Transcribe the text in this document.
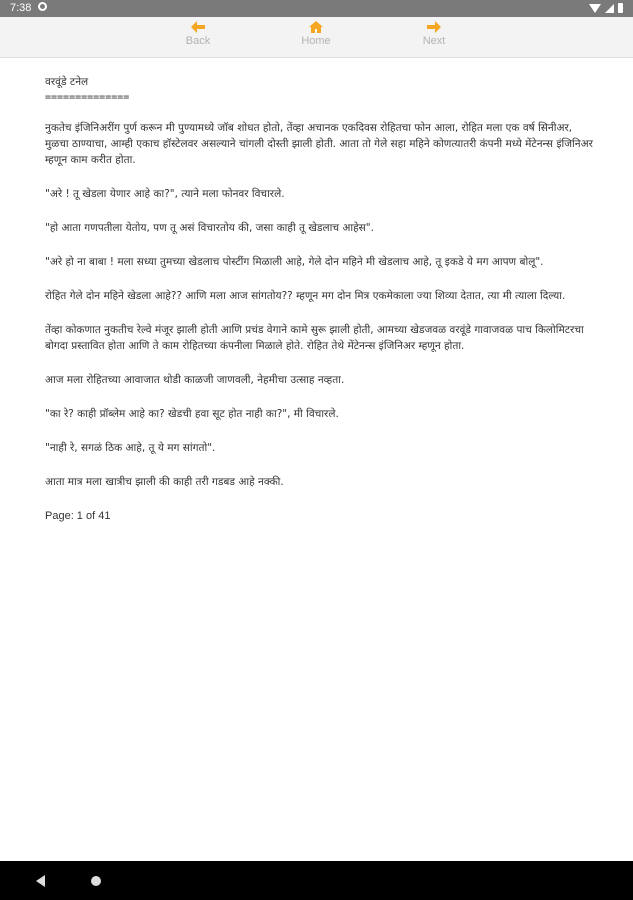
7:38
Back	Home	Next

वरवूंडे टनेल

==============

नुकतेच इंजिनिअरींग पुर्ण करून मी पुण्यामध्ये जॉब शोधत होतो, तेंव्हा अचानक एकदिवस रोहितचा फोन आला, रोहित मला एक वर्ष सिनीअर, मुळचा ठाण्याचा, आम्ही एकाच हॉस्टेलवर असल्याने चांगली दोस्ती झाली होती. आता तो गेले सहा महिने कोणत्यातरी कंपनी मध्ये मेंटेनन्स इंजिनिअर म्हणून काम करीत होता.

"अरे ! तू खेडला येणार आहे का?", त्याने मला फोनवर विचारले.

"हो आता गणपतीला येतोय, पण तू असं विचारतोय की, जसा काही तू खेडलाच आहेस".

"अरे हो ना बाबा ! मला सध्या तुमच्या खेडलाच पोस्टींग मिळाली आहे, गेले दोन महिने मी खेडलाच आहे, तू इकडे ये मग आपण बोलू".

रोहित गेले दोन महिने खेडला आहे?? आणि मला आज सांगतोय?? म्हणून मग दोन मित्र एकमेकाला ज्या शिव्या देतात, त्या मी त्याला दिल्या.

तेंव्हा कोकणात नुकतीच रेल्वे मंजूर झाली होती आणि प्रचंड वेगाने कामे सुरू झाली होती, आमच्या खेडजवळ वरवूंडे गावाजवळ पाच किलोमिटरचा बोगदा प्रस्तावित होता आणि ते काम रोहितच्या कंपनीला मिळाले होते. रोहित तेथे मेंटेनन्स इंजिनिअर म्हणून होता.

आज मला रोहितच्या आवाजात थोडी काळजी जाणवली, नेहमीचा उत्साह नव्हता.

"का रे? काही प्रॉब्लेम आहे का? खेडची हवा सूट होत नाही का?", मी विचारले.

"नाही रे, सगळं ठिक आहे, तू ये मग सांगतो".

आता मात्र मला खात्रीच झाली की काही तरी गडबड आहे नक्की.

Page: 1 of 41
